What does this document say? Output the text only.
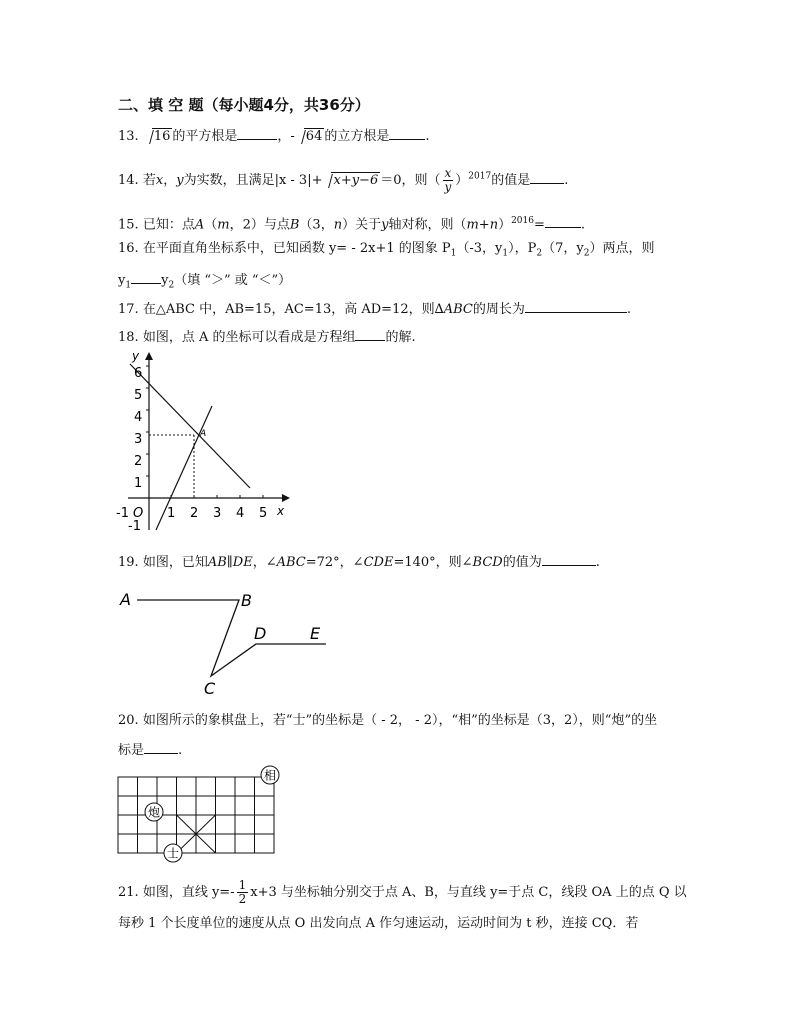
二、填 空 题（每小题4分，共36分）
13. 16 的平方根是	，- 64 的立方根是	.
14. 若x，y为实数，且满足|x - 3|+ x+y−6 ＝0，则（ $\frac{x}{y} )^{2017}$的值是	.
15. 已知：点A（m，2）与点B（3，n）关于y轴对称，则$(m+n)^{2016}=$	.
16. 在平面直角坐标系中，已知函数 y= - 2x+1 的图象 $P_1(-3$，$y_1$），$P_2(7$，$y_2$）两点，则
$y_1$ $y_2$（填 “＞” 或 “＜”）
17. 在△ABC 中，AB=15，AC=13，高 AD=12，则∆ABC的周长为	.
18. 如图，点 A 的坐标可以看成是方程组 的解.
y
x
A
6
5
4
3
2
1
-1
-1 O 1 2 3 4 5
19. 如图，已知AB∥DE，∠ABC=72°，∠CDE=140°，则∠BCD的值为	.
A	B
C
D	E
20. 如图所示的象棋盘上，若“士”的坐标是（ - 2， - 2），“相”的坐标是（3，2），则“炮”的坐
标是	.
相
炮
士
21. 如图，直线 $y=- \frac{1}{2} x+3$ 与坐标轴分别交于点 A、B，与直线 y=于点 C，线段 OA 上的点 Q 以
每秒 1 个长度单位的速度从点 O 出发向点 A 作匀速运动，运动时间为 t 秒，连接 CQ．若
